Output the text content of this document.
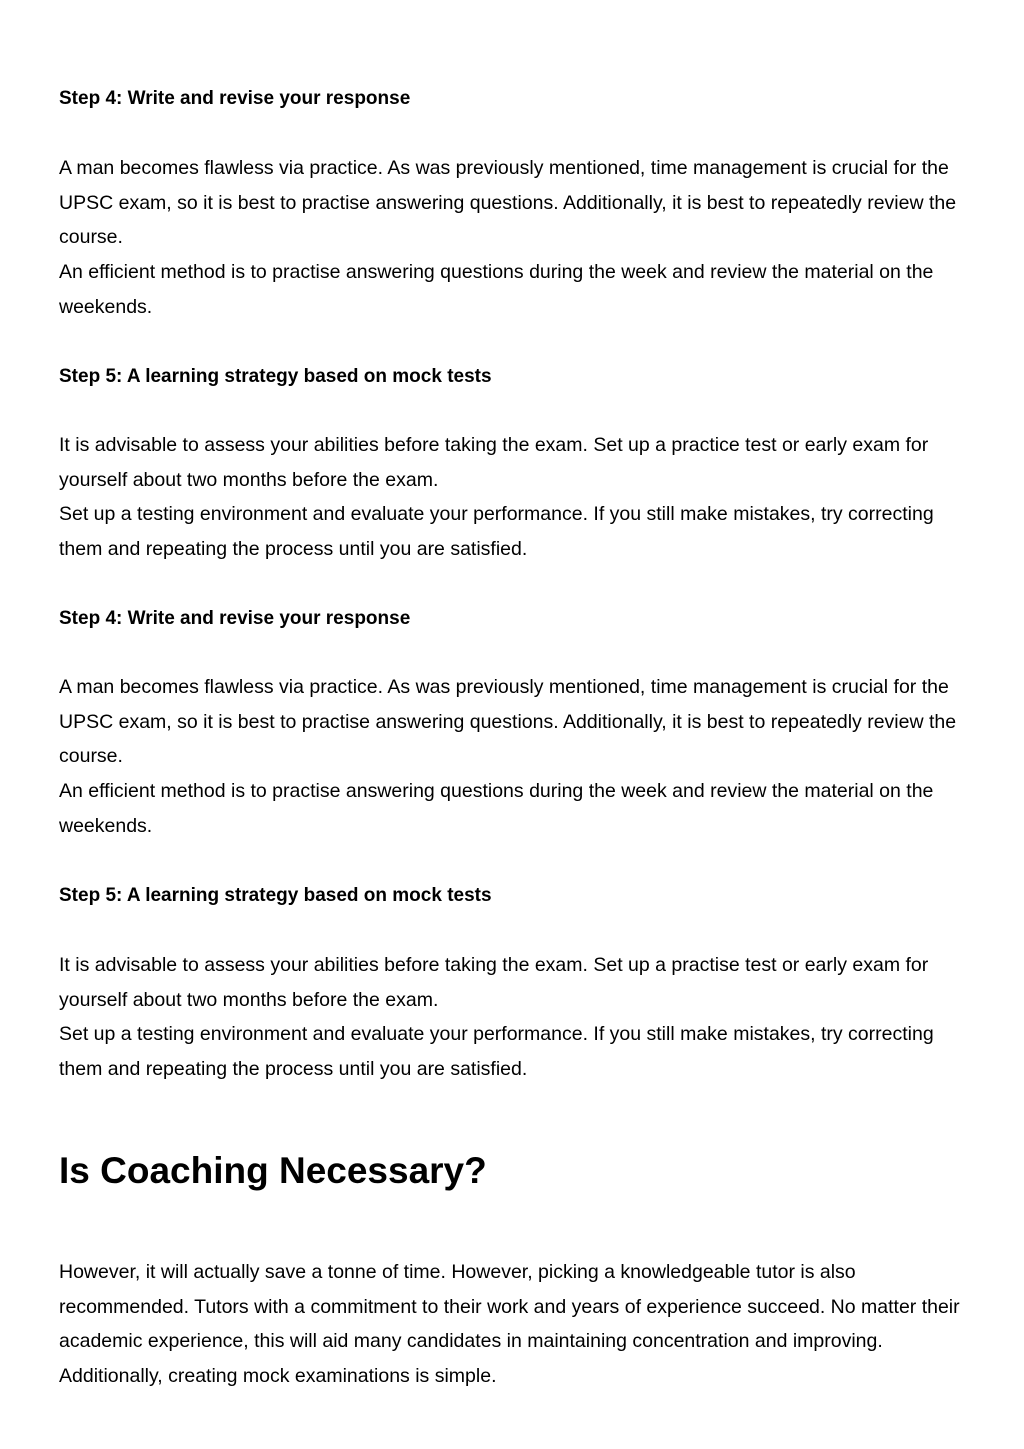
Step 4: Write and revise your response

A man becomes flawless via practice. As was previously mentioned, time management is crucial for the UPSC exam, so it is best to practise answering questions. Additionally, it is best to repeatedly review the course.

An efficient method is to practise answering questions during the week and review the material on the weekends.

Step 5: A learning strategy based on mock tests

It is advisable to assess your abilities before taking the exam. Set up a practice test or early exam for yourself about two months before the exam.

Set up a testing environment and evaluate your performance. If you still make mistakes, try correcting them and repeating the process until you are satisfied.

Step 4: Write and revise your response

A man becomes flawless via practice. As was previously mentioned, time management is crucial for the UPSC exam, so it is best to practise answering questions. Additionally, it is best to repeatedly review the course.

An efficient method is to practise answering questions during the week and review the material on the weekends.

Step 5: A learning strategy based on mock tests

It is advisable to assess your abilities before taking the exam. Set up a practise test or early exam for yourself about two months before the exam.

Set up a testing environment and evaluate your performance. If you still make mistakes, try correcting them and repeating the process until you are satisfied.

Is Coaching Necessary?

However, it will actually save a tonne of time. However, picking a knowledgeable tutor is also recommended. Tutors with a commitment to their work and years of experience succeed. No matter their academic experience, this will aid many candidates in maintaining concentration and improving. Additionally, creating mock examinations is simple.
